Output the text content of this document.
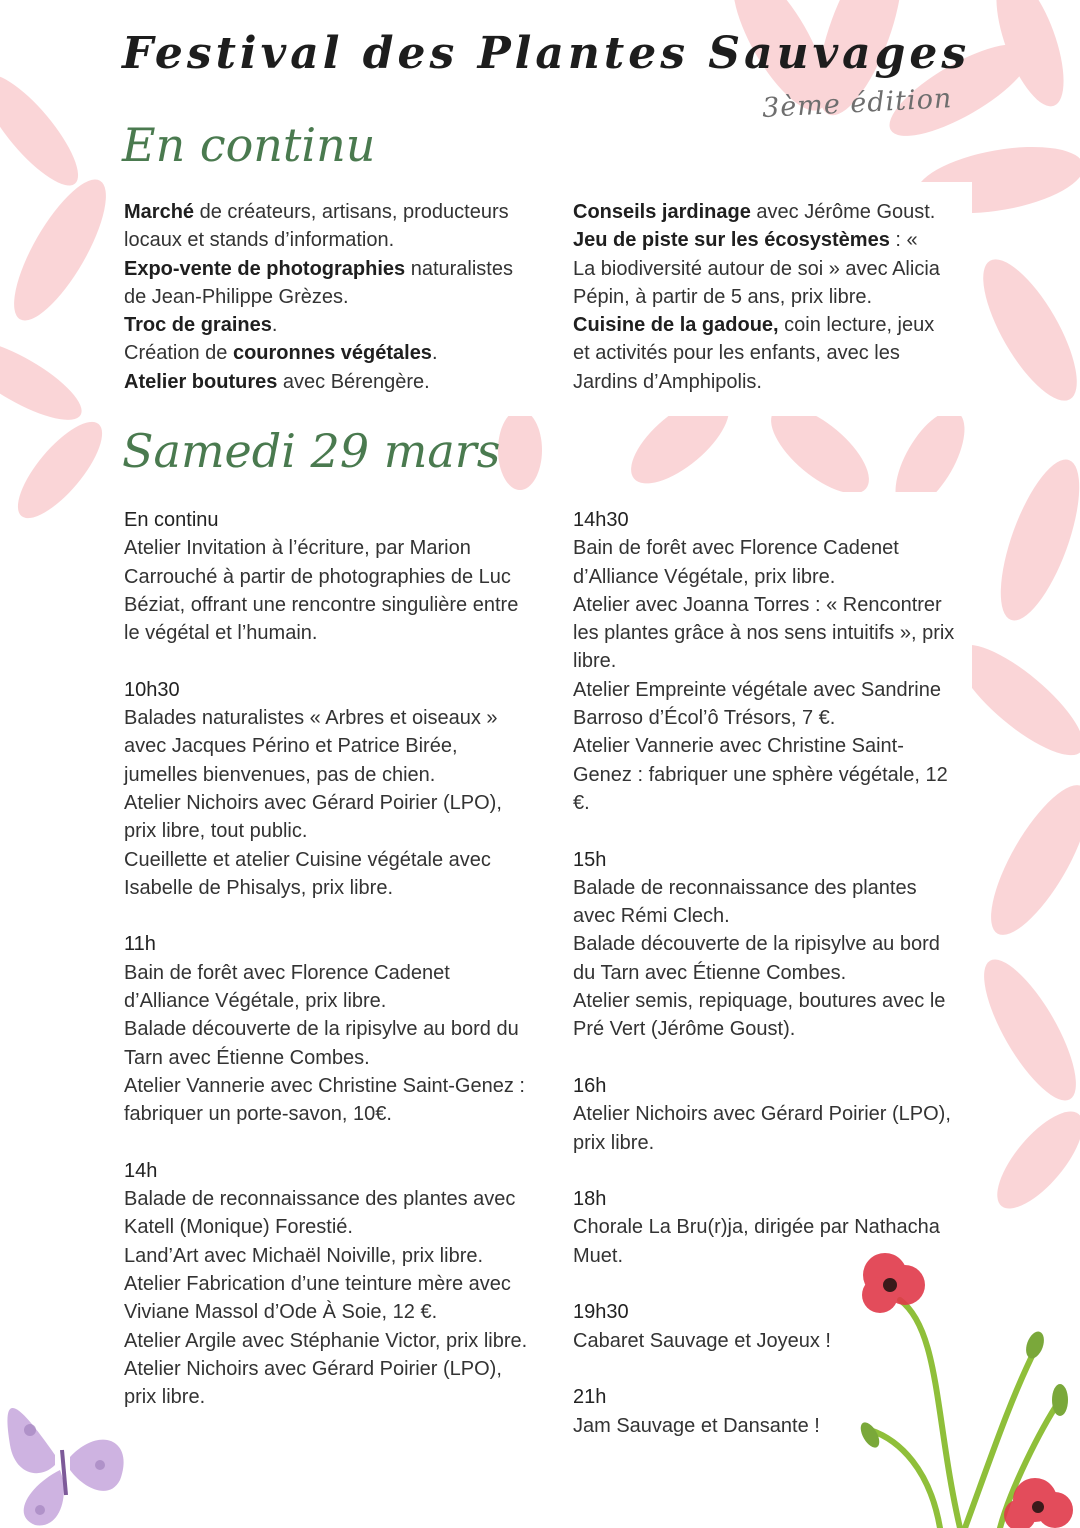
Festival des Plantes Sauvages
3ème édition
En continu

Marché de créateurs, artisans, producteurs locaux et stands d’information.

Expo-vente de photographies naturalistes de Jean-Philippe Grèzes.

Troc de graines.

Création de couronnes végétales.

Atelier boutures avec Bérengère.

Conseils jardinage avec Jérôme Goust.

Jeu de piste sur les écosystèmes : « La biodiversité autour de soi » avec Alicia Pépin, à partir de 5 ans, prix libre.

Cuisine de la gadoue, coin lecture, jeux et activités pour les enfants, avec les Jardins d’Amphipolis.

Samedi 29 mars

En continu

Atelier Invitation à l’écriture, par Marion Carrouché à partir de photographies de Luc Béziat, offrant une rencontre singulière entre le végétal et l’humain.

10h30

Balades naturalistes « Arbres et oiseaux » avec Jacques Périno et Patrice Birée, jumelles bienvenues, pas de chien.

Atelier Nichoirs avec Gérard Poirier (LPO), prix libre, tout public.

Cueillette et atelier Cuisine végétale avec Isabelle de Phisalys, prix libre.

11h

Bain de forêt avec Florence Cadenet d’Alliance Végétale, prix libre.

Balade découverte de la ripisylve au bord du Tarn avec Étienne Combes.

Atelier Vannerie avec Christine Saint-Genez : fabriquer un porte-savon, 10€.

14h

Balade de reconnaissance des plantes avec Katell (Monique) Forestié.

Land’Art avec Michaël Noiville, prix libre.

Atelier Fabrication d’une teinture mère avec Viviane Massol d’Ode À Soie, 12 €.

Atelier Argile avec Stéphanie Victor, prix libre.

Atelier Nichoirs avec Gérard Poirier (LPO), prix libre.

14h30

Bain de forêt avec Florence Cadenet d’Alliance Végétale, prix libre.

Atelier avec Joanna Torres : « Rencontrer les plantes grâce à nos sens intuitifs », prix libre.

Atelier Empreinte végétale avec Sandrine Barroso d’Écol’ô Trésors, 7 €.

Atelier Vannerie avec Christine Saint-Genez : fabriquer une sphère végétale, 12 €.

15h

Balade de reconnaissance des plantes avec Rémi Clech.

Balade découverte de la ripisylve au bord du Tarn avec Étienne Combes.

Atelier semis, repiquage, boutures avec le Pré Vert (Jérôme Goust).

16h

Atelier Nichoirs avec Gérard Poirier (LPO), prix libre.

18h

Chorale La Bru(r)ja, dirigée par Nathacha Muet.

19h30

Cabaret Sauvage et Joyeux !

21h

Jam Sauvage et Dansante !
